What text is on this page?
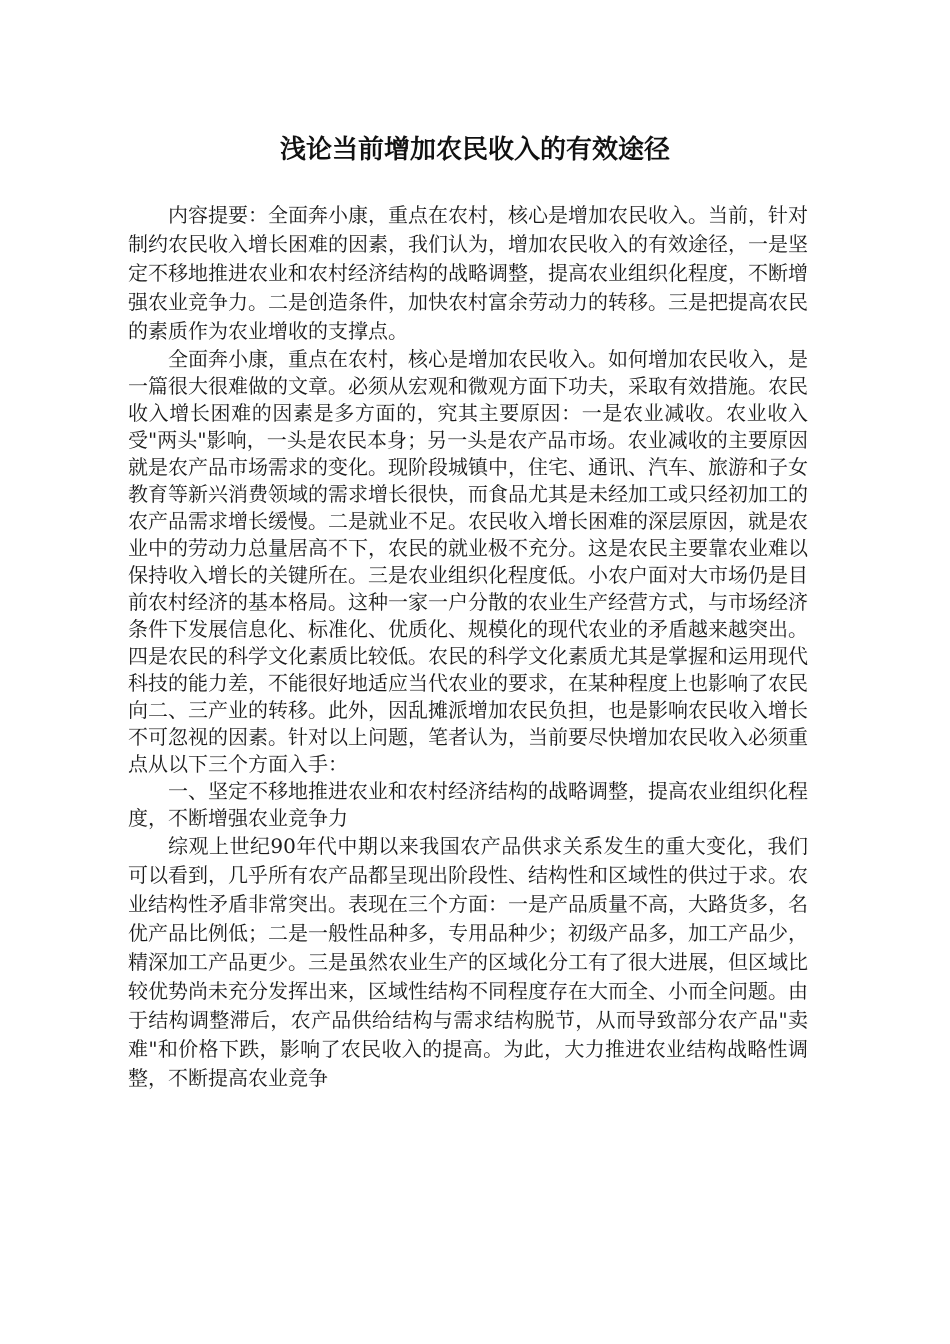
浅论当前增加农民收入的有效途径

内容提要：全面奔小康，重点在农村，核心是增加农民收入。当前，针对制约农民收入增长困难的因素，我们认为，增加农民收入的有效途径，一是坚定不移地推进农业和农村经济结构的战略调整，提高农业组织化程度，不断增强农业竞争力。二是创造条件，加快农村富余劳动力的转移。三是把提高农民的素质作为农业增收的支撑点。

全面奔小康，重点在农村，核心是增加农民收入。如何增加农民收入，是一篇很大很难做的文章。必须从宏观和微观方面下功夫，采取有效措施。农民收入增长困难的因素是多方面的，究其主要原因：一是农业减收。农业收入受"两头"影响，一头是农民本身；另一头是农产品市场。农业减收的主要原因就是农产品市场需求的变化。现阶段城镇中，住宅、通讯、汽车、旅游和子女教育等新兴消费领域的需求增长很快，而食品尤其是未经加工或只经初加工的农产品需求增长缓慢。二是就业不足。农民收入增长困难的深层原因，就是农业中的劳动力总量居高不下，农民的就业极不充分。这是农民主要靠农业难以保持收入增长的关键所在。三是农业组织化程度低。小农户面对大市场仍是目前农村经济的基本格局。这种一家一户分散的农业生产经营方式，与市场经济条件下发展信息化、标准化、优质化、规模化的现代农业的矛盾越来越突出。四是农民的科学文化素质比较低。农民的科学文化素质尤其是掌握和运用现代科技的能力差，不能很好地适应当代农业的要求，在某种程度上也影响了农民向二、三产业的转移。此外，因乱摊派增加农民负担，也是影响农民收入增长不可忽视的因素。针对以上问题，笔者认为，当前要尽快增加农民收入必须重点从以下三个方面入手：

一、坚定不移地推进农业和农村经济结构的战略调整，提高农业组织化程度，不断增强农业竞争力

综观上世纪90年代中期以来我国农产品供求关系发生的重大变化，我们可以看到，几乎所有农产品都呈现出阶段性、结构性和区域性的供过于求。农业结构性矛盾非常突出。表现在三个方面：一是产品质量不高，大路货多，名优产品比例低；二是一般性品种多，专用品种少；初级产品多，加工产品少，精深加工产品更少。三是虽然农业生产的区域化分工有了很大进展，但区域比较优势尚未充分发挥出来，区域性结构不同程度存在大而全、小而全问题。由于结构调整滞后，农产品供给结构与需求结构脱节，从而导致部分农产品"卖难"和价格下跌，影响了农民收入的提高。为此，大力推进农业结构战略性调整，不断提高农业竞争
